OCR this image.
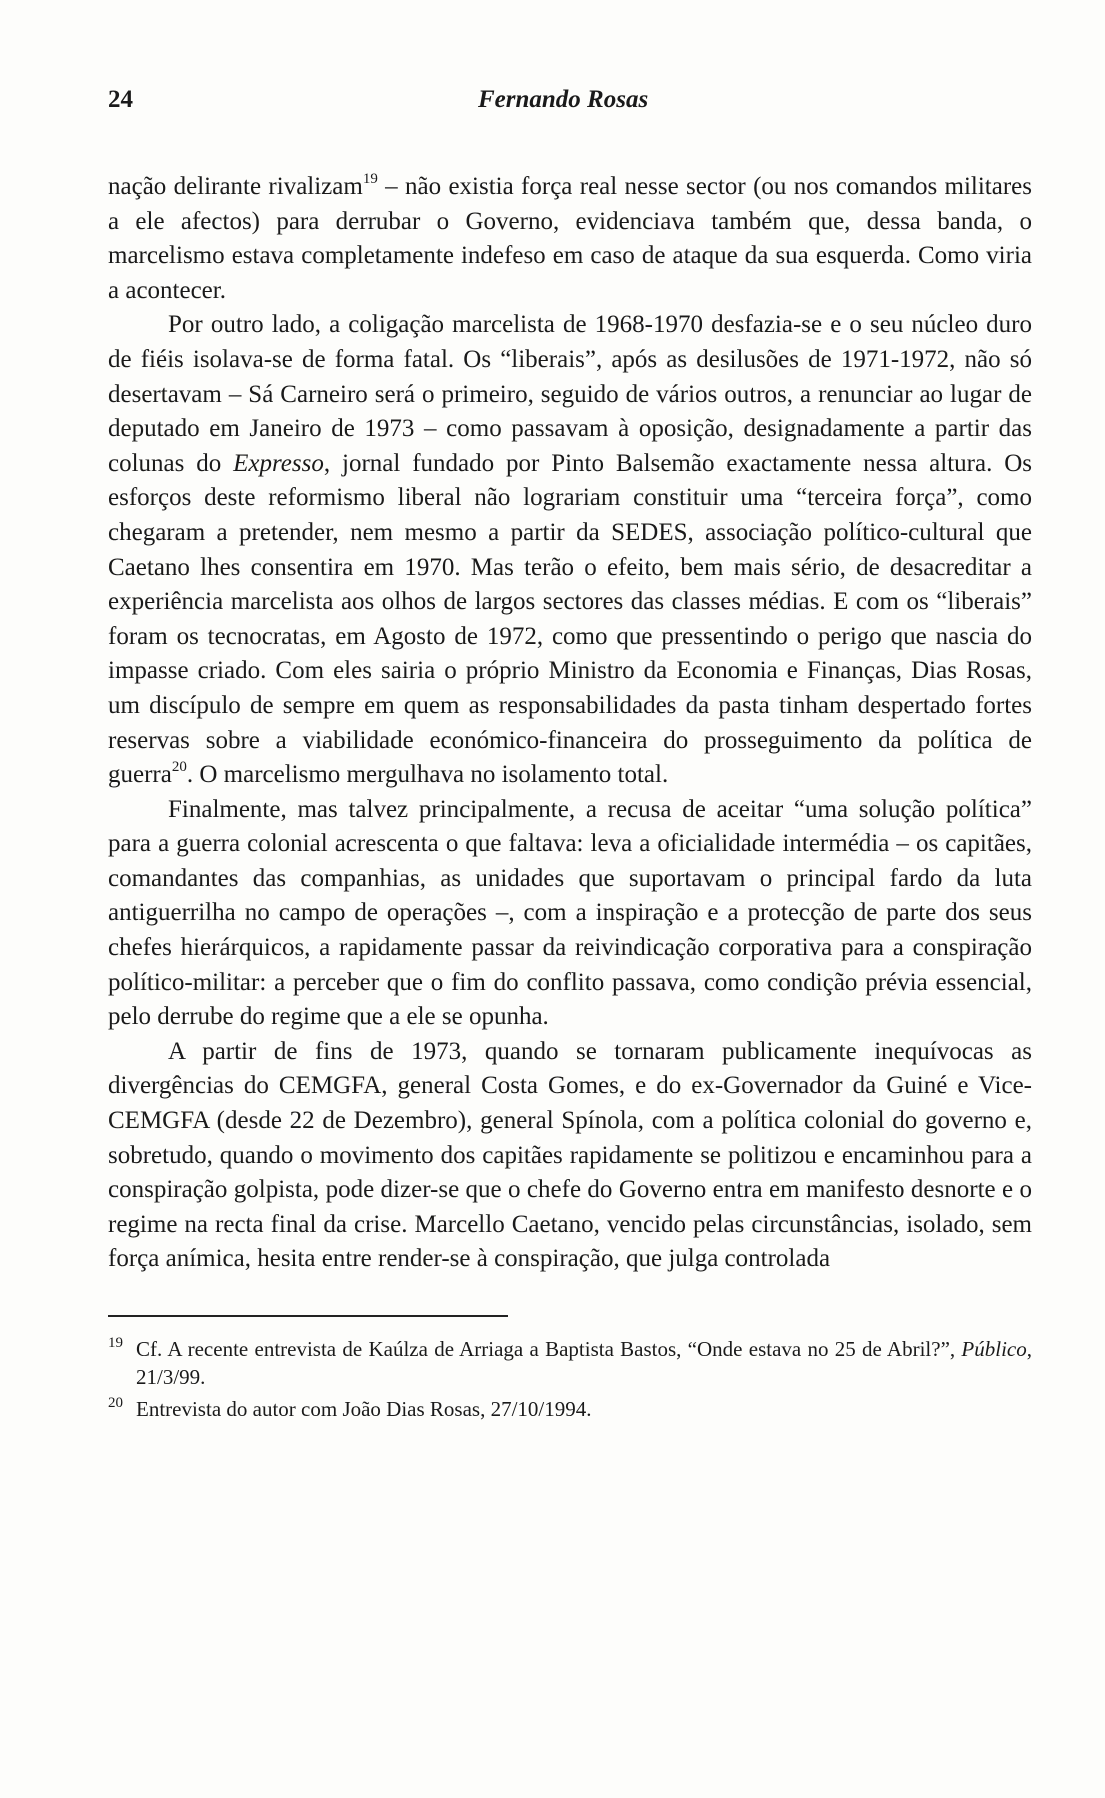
24	Fernando Rosas

nação delirante rivalizam$^{19}$ – não existia força real nesse sector (ou nos comandos militares a ele afectos) para derrubar o Governo, evidenciava também que, dessa banda, o marcelismo estava completamente indefeso em caso de ataque da sua esquerda. Como viria a acontecer.

Por outro lado, a coligação marcelista de 1968-1970 desfazia-se e o seu núcleo duro de fiéis isolava-se de forma fatal. Os “liberais”, após as desilusões de 1971-1972, não só desertavam – Sá Carneiro será o primeiro, seguido de vários outros, a renunciar ao lugar de deputado em Janeiro de 1973 – como passavam à oposição, designadamente a partir das colunas do Expresso, jornal fundado por Pinto Balsemão exactamente nessa altura. Os esforços deste reformismo liberal não lograriam constituir uma “terceira força”, como chegaram a pretender, nem mesmo a partir da SEDES, associação político-cultural que Caetano lhes consentira em 1970. Mas terão o efeito, bem mais sério, de desacreditar a experiência marcelista aos olhos de largos sectores das classes médias. E com os “liberais” foram os tecnocratas, em Agosto de 1972, como que pressentindo o perigo que nascia do impasse criado. Com eles sairia o próprio Ministro da Economia e Finanças, Dias Rosas, um discípulo de sempre em quem as responsabilidades da pasta tinham despertado fortes reservas sobre a viabilidade económico-financeira do prosseguimento da política de guerra$^{20}$. O marcelismo mergulhava no isolamento total.

Finalmente, mas talvez principalmente, a recusa de aceitar “uma solução política” para a guerra colonial acrescenta o que faltava: leva a oficialidade intermédia – os capitães, comandantes das companhias, as unidades que suportavam o principal fardo da luta antiguerrilha no campo de operações –, com a inspiração e a protecção de parte dos seus chefes hierárquicos, a rapidamente passar da reivindicação corporativa para a conspiração político-militar: a perceber que o fim do conflito passava, como condição prévia essencial, pelo derrube do regime que a ele se opunha.

A partir de fins de 1973, quando se tornaram publicamente inequívocas as divergências do CEMGFA, general Costa Gomes, e do ex-Governador da Guiné e Vice-CEMGFA (desde 22 de Dezembro), general Spínola, com a política colonial do governo e, sobretudo, quando o movimento dos capitães rapidamente se politizou e encaminhou para a conspiração golpista, pode dizer-se que o chefe do Governo entra em manifesto desnorte e o regime na recta final da crise. Marcello Caetano, vencido pelas circunstâncias, isolado, sem força anímica, hesita entre render-se à conspiração, que julga controlada

19 Cf. A recente entrevista de Kaúlza de Arriaga a Baptista Bastos, “Onde estava no 25 de Abril?”, Público, 21/3/99.
20 Entrevista do autor com João Dias Rosas, 27/10/1994.
